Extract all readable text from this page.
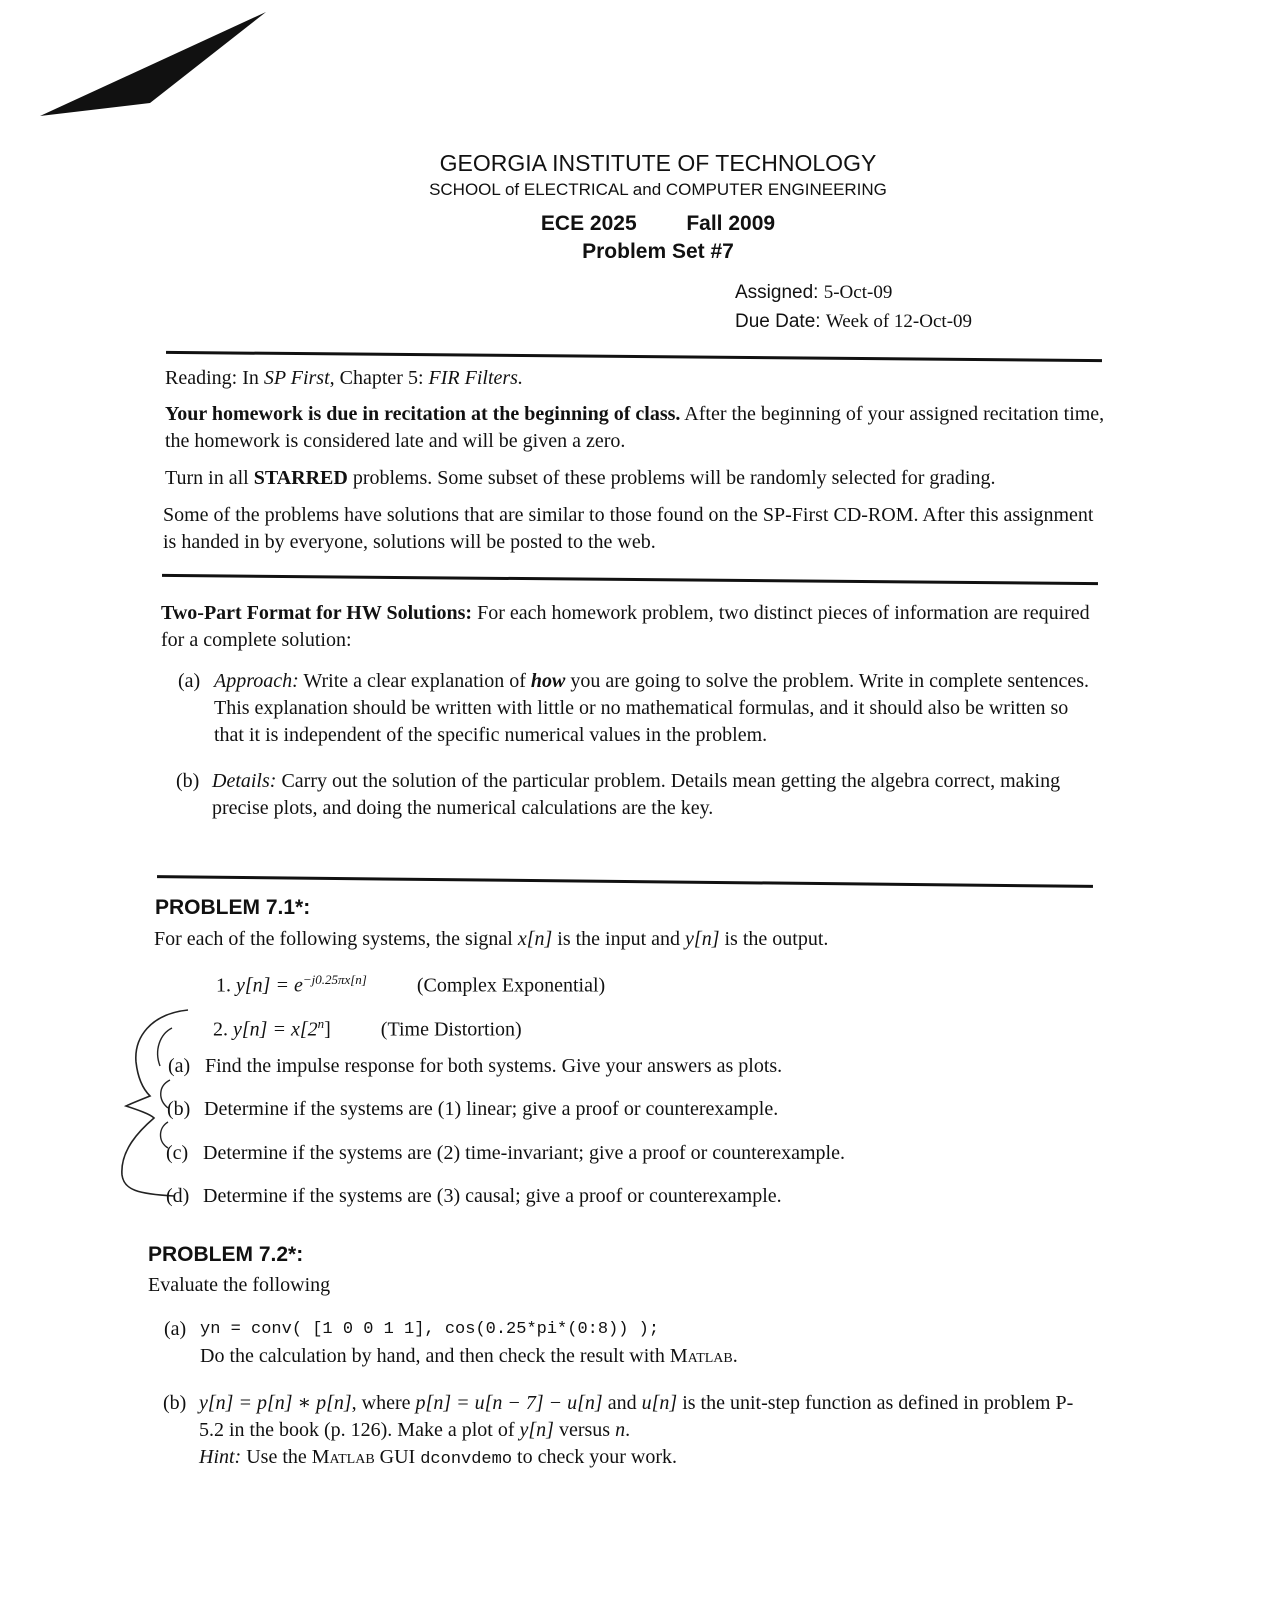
GEORGIA INSTITUTE OF TECHNOLOGY
SCHOOL of ELECTRICAL and COMPUTER ENGINEERING
ECE 2025 Fall 2009
Problem Set #7
Assigned: 5-Oct-09
Due Date: Week of 12-Oct-09
Reading: In SP First, Chapter 5: FIR Filters.
Your homework is due in recitation at the beginning of class. After the beginning of your assigned recitation time, the homework is considered late and will be given a zero.
Turn in all STARRED problems. Some subset of these problems will be randomly selected for grading.
Some of the problems have solutions that are similar to those found on the SP-First CD-ROM. After this assignment is handed in by everyone, solutions will be posted to the web.
Two-Part Format for HW Solutions: For each homework problem, two distinct pieces of information are required for a complete solution:
(a) Approach: Write a clear explanation of how you are going to solve the problem. Write in complete sentences. This explanation should be written with little or no mathematical formulas, and it should also be written so that it is independent of the specific numerical values in the problem.
(b) Details: Carry out the solution of the particular problem. Details mean getting the algebra correct, making precise plots, and doing the numerical calculations are the key.
PROBLEM 7.1*:
For each of the following systems, the signal x[n] is the input and y[n] is the output.
1. $y[n] = e^{-j0.25\pi x[n]}$	(Complex Exponential)
2. $y[n] = x[2^n]$	(Time Distortion)
(a) Find the impulse response for both systems. Give your answers as plots.
(b) Determine if the systems are (1) linear; give a proof or counterexample.
(c) Determine if the systems are (2) time-invariant; give a proof or counterexample.
(d) Determine if the systems are (3) causal; give a proof or counterexample.
PROBLEM 7.2*:
Evaluate the following
(a) yn = conv( [1 0 0 1 1], cos(0.25*pi*(0:8)) );
Do the calculation by hand, and then check the result with Matlab.
(b) y[n] = p[n] ∗ p[n], where p[n] = u[n − 7] − u[n] and u[n] is the unit-step function as defined in problem P-5.2 in the book (p. 126). Make a plot of y[n] versus n.
Hint: Use the Matlab GUI dconvdemo to check your work.
